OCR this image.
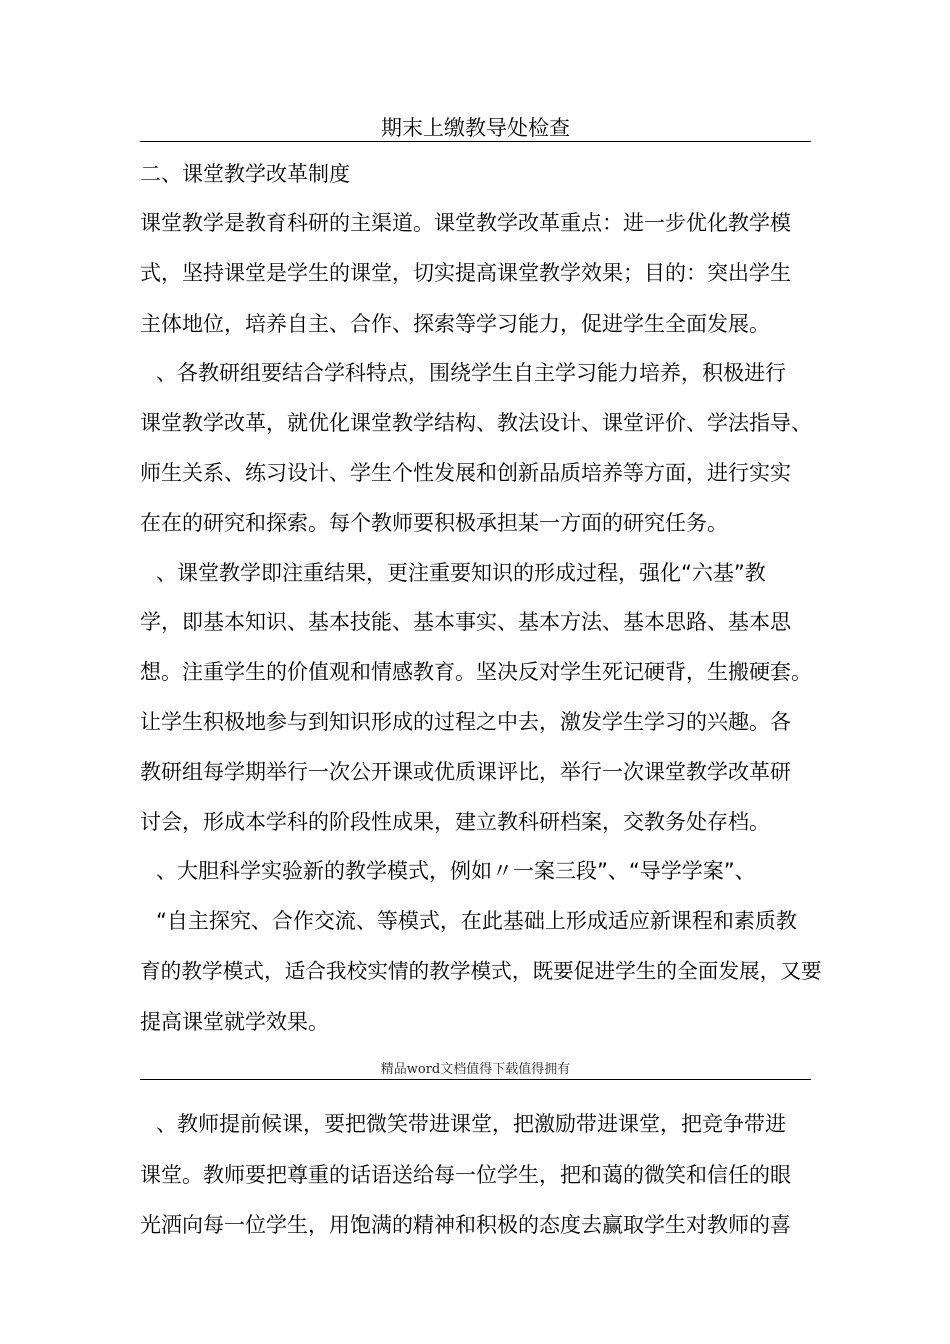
期末上缴教导处检查
二、课堂教学改革制度
课堂教学是教育科研的主渠道。课堂教学改革重点：进一步优化教学模
式，坚持课堂是学生的课堂，切实提高课堂教学效果；目的：突出学生
主体地位，培养自主、合作、探索等学习能力，促进学生全面发展。
、各教研组要结合学科特点，围绕学生自主学习能力培养，积极进行
课堂教学改革，就优化课堂教学结构、教法设计、课堂评价、学法指导、
师生关系、练习设计、学生个性发展和创新品质培养等方面，进行实实
在在的研究和探索。每个教师要积极承担某一方面的研究任务。
、课堂教学即注重结果，更注重要知识的形成过程，强化“六基”教
学，即基本知识、基本技能、基本事实、基本方法、基本思路、基本思
想。注重学生的价值观和情感教育。坚决反对学生死记硬背，生搬硬套。
让学生积极地参与到知识形成的过程之中去，激发学生学习的兴趣。各
教研组每学期举行一次公开课或优质课评比，举行一次课堂教学改革研
讨会，形成本学科的阶段性成果，建立教科研档案，交教务处存档。
、大胆科学实验新的教学模式，例如〃一案三段”、“导学学案”、
“自主探究、合作交流、等模式，在此基础上形成适应新课程和素质教
育的教学模式，适合我校实情的教学模式，既要促进学生的全面发展，又要
提高课堂就学效果。
精品word文档值得下载值得拥有
、教师提前候课，要把微笑带进课堂，把激励带进课堂，把竞争带进
课堂。教师要把尊重的话语送给每一位学生，把和蔼的微笑和信任的眼
光洒向每一位学生，用饱满的精神和积极的态度去赢取学生对教师的喜
